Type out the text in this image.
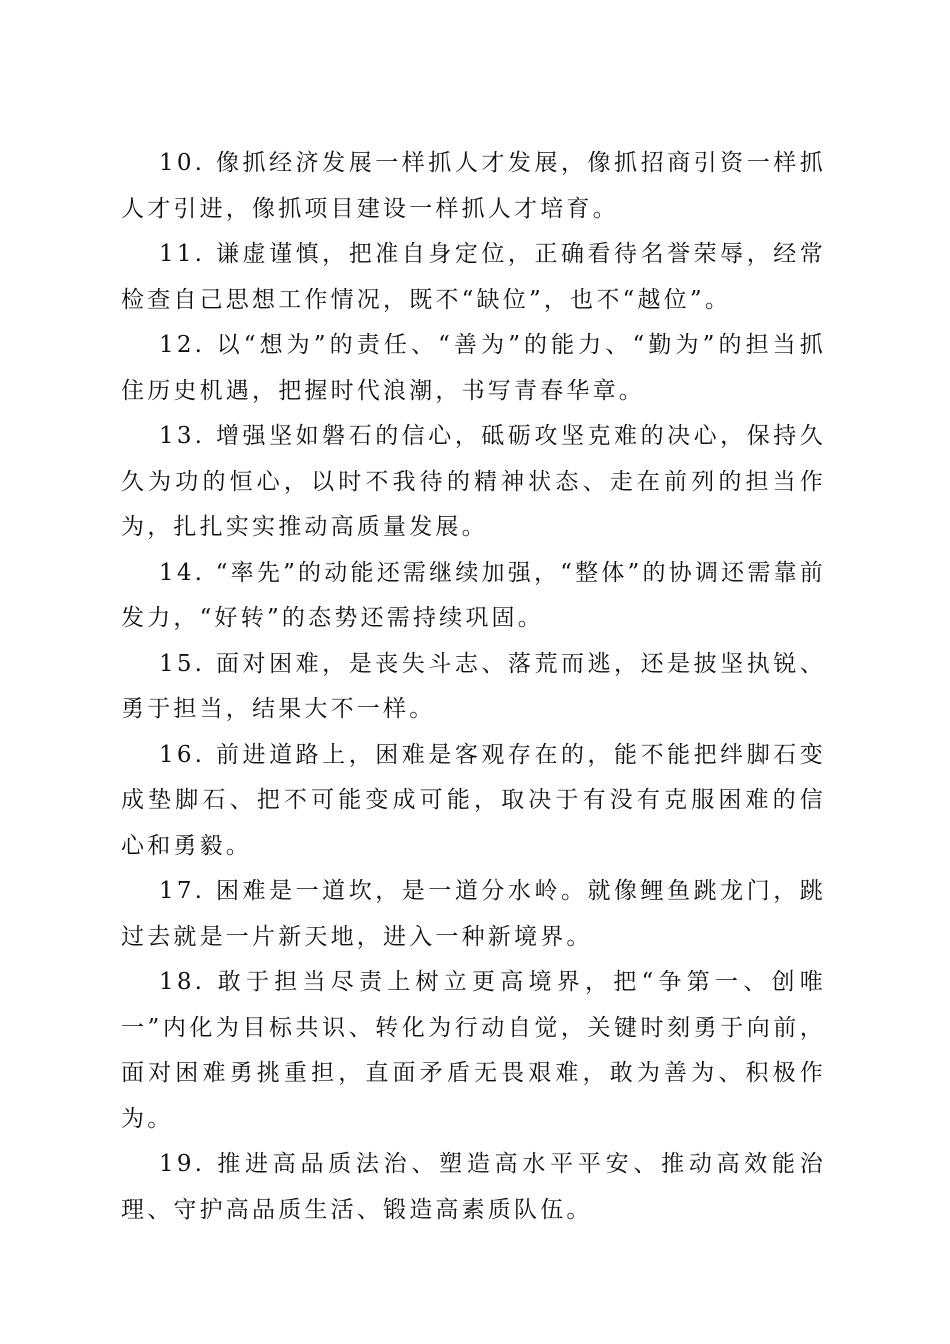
10. 像抓经济发展一样抓人才发展，像抓招商引资一样抓人才引进，像抓项目建设一样抓人才培育。

11. 谦虚谨慎，把准自身定位，正确看待名誉荣辱，经常检查自己思想工作情况，既不“缺位”，也不“越位”。

12. 以“想为”的责任、“善为”的能力、“勤为”的担当抓住历史机遇，把握时代浪潮，书写青春华章。

13. 增强坚如磐石的信心，砥砺攻坚克难的决心，保持久久为功的恒心，以时不我待的精神状态、走在前列的担当作为，扎扎实实推动高质量发展。

14. “率先”的动能还需继续加强，“整体”的协调还需靠前发力，“好转”的态势还需持续巩固。

15. 面对困难，是丧失斗志、落荒而逃，还是披坚执锐、勇于担当，结果大不一样。

16. 前进道路上，困难是客观存在的，能不能把绊脚石变成垫脚石、把不可能变成可能，取决于有没有克服困难的信心和勇毅。

17. 困难是一道坎，是一道分水岭。就像鲤鱼跳龙门，跳过去就是一片新天地，进入一种新境界。

18. 敢于担当尽责上树立更高境界，把“争第一、创唯一”内化为目标共识、转化为行动自觉，关键时刻勇于向前，面对困难勇挑重担，直面矛盾无畏艰难，敢为善为、积极作为。

19. 推进高品质法治、塑造高水平平安、推动高效能治理、守护高品质生活、锻造高素质队伍。
